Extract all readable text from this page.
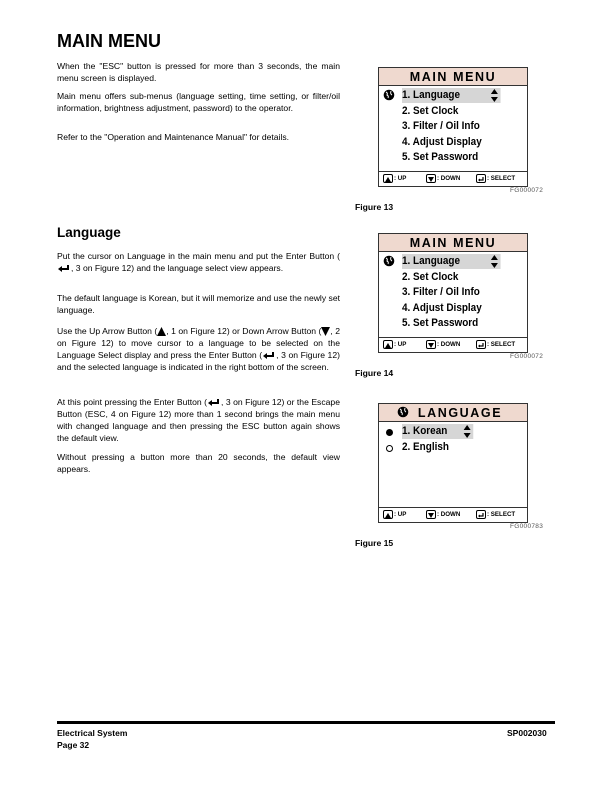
MAIN MENU

When the "ESC" button is pressed for more than 3 seconds, the main menu screen is displayed.

Main menu offers sub-menus (language setting, time setting, or filter/oil information, brightness adjustment, password) to the operator.

Refer to the "Operation and Maintenance Manual" for details.

Language

Put the cursor on Language in the main menu and put the Enter Button (, 3 on Figure 12) and the language select view appears.

The default language is Korean, but it will memorize and use the newly set language.

Use the Up Arrow Button ( , 1 on Figure 12) or Down Arrow Button ( , 2 on Figure 12) to move cursor to a language to be selected on the Language Select display and press the Enter Button ( , 3 on Figure 12) and the selected language is indicated in the right bottom of the screen.

At this point pressing the Enter Button ( , 3 on Figure 12) or the Escape Button (ESC, 4 on Figure 12) more than 1 second brings the main menu with changed language and then pressing the ESC button again shows the default view.

Without pressing a button more than 20 seconds, the default view appears.

MAIN MENU
1. Language
2. Set Clock
3. Filter / Oil Info
4. Adjust Display
5. Set Password
: UP	: DOWN	: SELECT
FG000072
Figure 13
MAIN MENU
1. Language
2. Set Clock
3. Filter / Oil Info
4. Adjust Display
5. Set Password
: UP	: DOWN	: SELECT
FG000072
Figure 14
LANGUAGE
1. Korean
2. English
: UP	: DOWN	: SELECT
FG000783
Figure 15
Electrical System
Page 32
SP002030
